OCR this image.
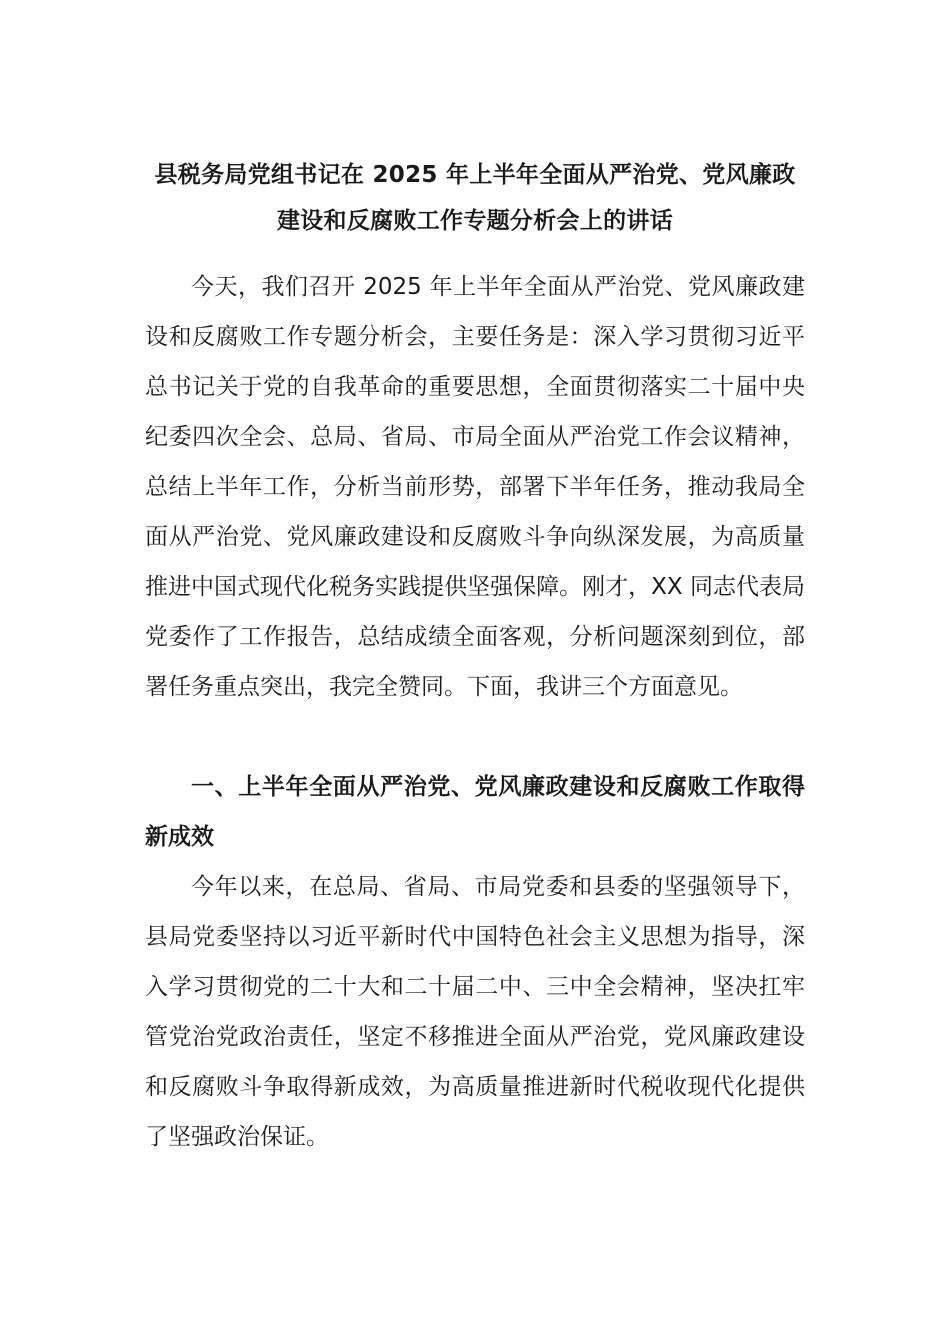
县税务局党组书记在 2025 年上半年全面从严治党、党风廉政建设和反腐败工作专题分析会上的讲话

今天，我们召开 2025 年上半年全面从严治党、党风廉政建设和反腐败工作专题分析会，主要任务是：深入学习贯彻习近平总书记关于党的自我革命的重要思想，全面贯彻落实二十届中央纪委四次全会、总局、省局、市局全面从严治党工作会议精神，总结上半年工作，分析当前形势，部署下半年任务，推动我局全面从严治党、党风廉政建设和反腐败斗争向纵深发展，为高质量推进中国式现代化税务实践提供坚强保障。刚才，XX 同志代表局党委作了工作报告，总结成绩全面客观，分析问题深刻到位，部署任务重点突出，我完全赞同。下面，我讲三个方面意见。

一、上半年全面从严治党、党风廉政建设和反腐败工作取得新成效

今年以来，在总局、省局、市局党委和县委的坚强领导下，县局党委坚持以习近平新时代中国特色社会主义思想为指导，深入学习贯彻党的二十大和二十届二中、三中全会精神，坚决扛牢管党治党政治责任，坚定不移推进全面从严治党，党风廉政建设和反腐败斗争取得新成效，为高质量推进新时代税收现代化提供了坚强政治保证。
